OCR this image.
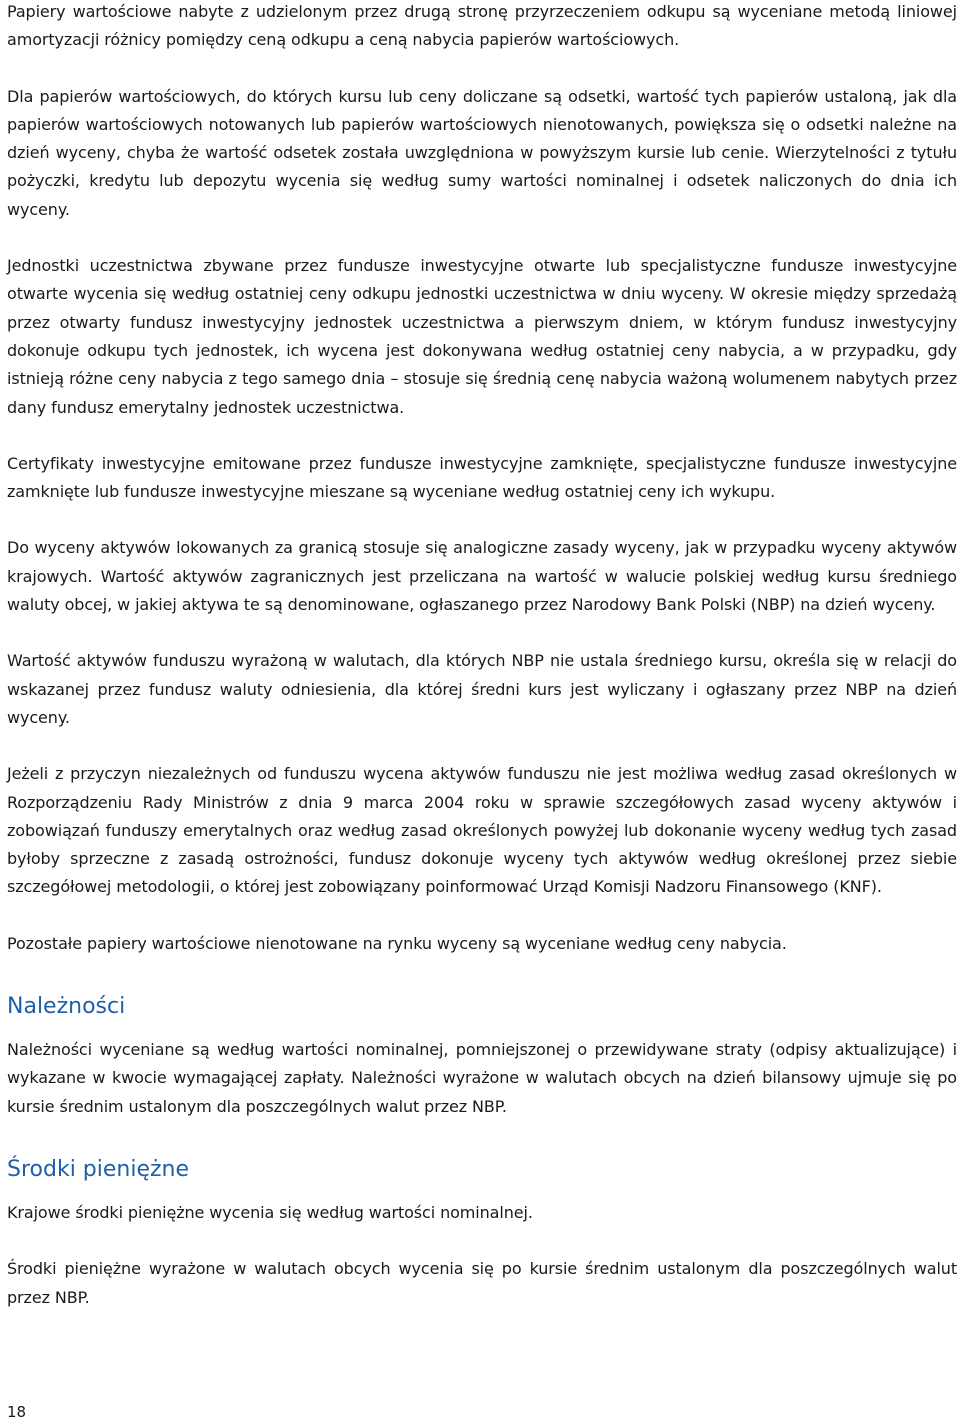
Papiery wartościowe nabyte z udzielonym przez drugą stronę przyrzeczeniem odkupu są wyceniane metodą liniowej amortyzacji różnicy pomiędzy ceną odkupu a ceną nabycia papierów wartościowych.

Dla papierów wartościowych, do których kursu lub ceny doliczane są odsetki, wartość tych papierów ustaloną, jak dla papierów wartościowych notowanych lub papierów wartościowych nienotowanych, powiększa się o odsetki należne na dzień wyceny, chyba że wartość odsetek została uwzględniona w powyższym kursie lub cenie. Wierzytelności z tytułu pożyczki, kredytu lub depozytu wycenia się według sumy wartości nominalnej i odsetek naliczonych do dnia ich wyceny.

Jednostki uczestnictwa zbywane przez fundusze inwestycyjne otwarte lub specjalistyczne fundusze inwestycyjne otwarte wycenia się według ostatniej ceny odkupu jednostki uczestnictwa w dniu wyceny. W okresie między sprzedażą przez otwarty fundusz inwestycyjny jednostek uczestnictwa a pierwszym dniem, w którym fundusz inwestycyjny dokonuje odkupu tych jednostek, ich wycena jest dokonywana według ostatniej ceny nabycia, a w przypadku, gdy istnieją różne ceny nabycia z tego samego dnia – stosuje się średnią cenę nabycia ważoną wolumenem nabytych przez dany fundusz emerytalny jednostek uczestnictwa.

Certyfikaty inwestycyjne emitowane przez fundusze inwestycyjne zamknięte, specjalistyczne fundusze inwestycyjne zamknięte lub fundusze inwestycyjne mieszane są wyceniane według ostatniej ceny ich wykupu.

Do wyceny aktywów lokowanych za granicą stosuje się analogiczne zasady wyceny, jak w przypadku wyceny aktywów krajowych. Wartość aktywów zagranicznych jest przeliczana na wartość w walucie polskiej według kursu średniego waluty obcej, w jakiej aktywa te są denominowane, ogłaszanego przez Narodowy Bank Polski (NBP) na dzień wyceny.

Wartość aktywów funduszu wyrażoną w walutach, dla których NBP nie ustala średniego kursu, określa się w relacji do wskazanej przez fundusz waluty odniesienia, dla której średni kurs jest wyliczany i ogłaszany przez NBP na dzień wyceny.

Jeżeli z przyczyn niezależnych od funduszu wycena aktywów funduszu nie jest możliwa według zasad określonych w Rozporządzeniu Rady Ministrów z dnia 9 marca 2004 roku w sprawie szczegółowych zasad wyceny aktywów i zobowiązań funduszy emerytalnych oraz według zasad określonych powyżej lub dokonanie wyceny według tych zasad byłoby sprzeczne z zasadą ostrożności, fundusz dokonuje wyceny tych aktywów według określonej przez siebie szczegółowej metodologii, o której jest zobowiązany poinformować Urząd Komisji Nadzoru Finansowego (KNF).

Pozostałe papiery wartościowe nienotowane na rynku wyceny są wyceniane według ceny nabycia.

Należności

Należności wyceniane są według wartości nominalnej, pomniejszonej o przewidywane straty (odpisy aktualizujące) i wykazane w kwocie wymagającej zapłaty. Należności wyrażone w walutach obcych na dzień bilansowy ujmuje się po kursie średnim ustalonym dla poszczególnych walut przez NBP.

Środki pieniężne

Krajowe środki pieniężne wycenia się według wartości nominalnej.

Środki pieniężne wyrażone w walutach obcych wycenia się po kursie średnim ustalonym dla poszczególnych walut przez NBP.

18
